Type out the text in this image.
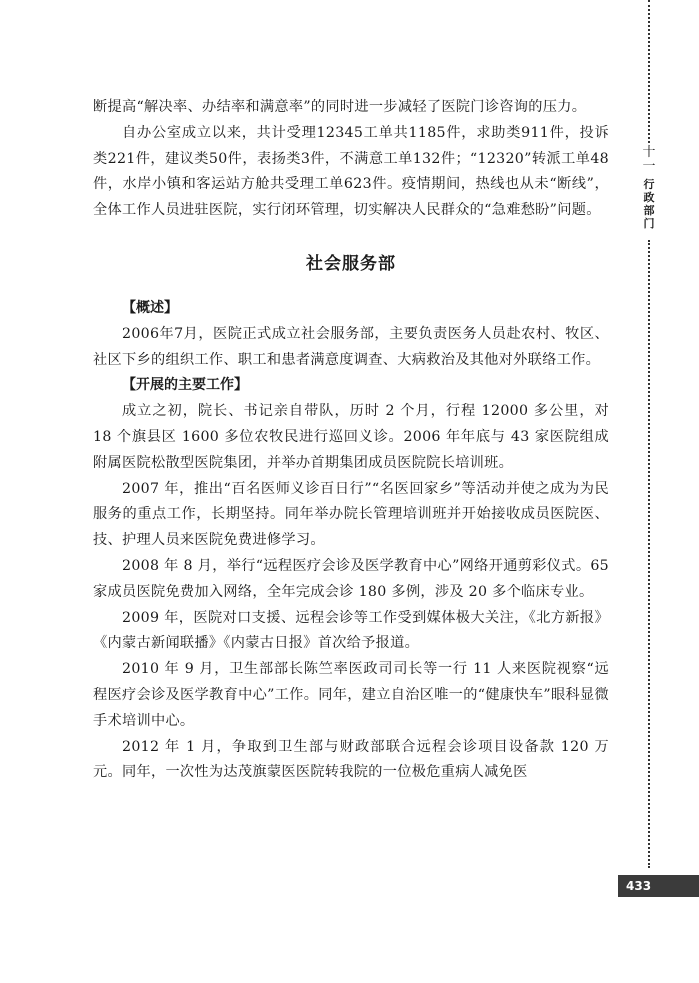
断提高“解决率、办结率和满意率”的同时进一步减轻了医院门诊咨询的压力。

自办公室成立以来，共计受理12345工单共1185件，求助类911件，投诉类221件，建议类50件，表扬类3件，不满意工单132件；“12320”转派工单48件，水岸小镇和客运站方舱共受理工单623件。疫情期间，热线也从未“断线”，全体工作人员进驻医院，实行闭环管理，切实解决人民群众的“急难愁盼”问题。

社会服务部

【概述】

2006年7月，医院正式成立社会服务部，主要负责医务人员赴农村、牧区、社区下乡的组织工作、职工和患者满意度调查、大病救治及其他对外联络工作。

【开展的主要工作】

成立之初，院长、书记亲自带队，历时 2 个月，行程 12000 多公里，对 18 个旗县区 1600 多位农牧民进行巡回义诊。2006 年年底与 43 家医院组成附属医院松散型医院集团，并举办首期集团成员医院院长培训班。

2007 年，推出“百名医师义诊百日行”“名医回家乡”等活动并使之成为为民服务的重点工作，长期坚持。同年举办院长管理培训班并开始接收成员医院医、技、护理人员来医院免费进修学习。

2008 年 8 月，举行“远程医疗会诊及医学教育中心”网络开通剪彩仪式。65 家成员医院免费加入网络，全年完成会诊 180 多例，涉及 20 多个临床专业。

2009 年，医院对口支援、远程会诊等工作受到媒体极大关注，《北方新报》《内蒙古新闻联播》《内蒙古日报》首次给予报道。

2010 年 9 月，卫生部部长陈竺率医政司司长等一行 11 人来医院视察“远程医疗会诊及医学教育中心”工作。同年，建立自治区唯一的“健康快车”眼科显微手术培训中心。

2012 年 1 月，争取到卫生部与财政部联合远程会诊项目设备款 120 万元。同年，一次性为达茂旗蒙医医院转我院的一位极危重病人减免医

十一
行政部门
433
